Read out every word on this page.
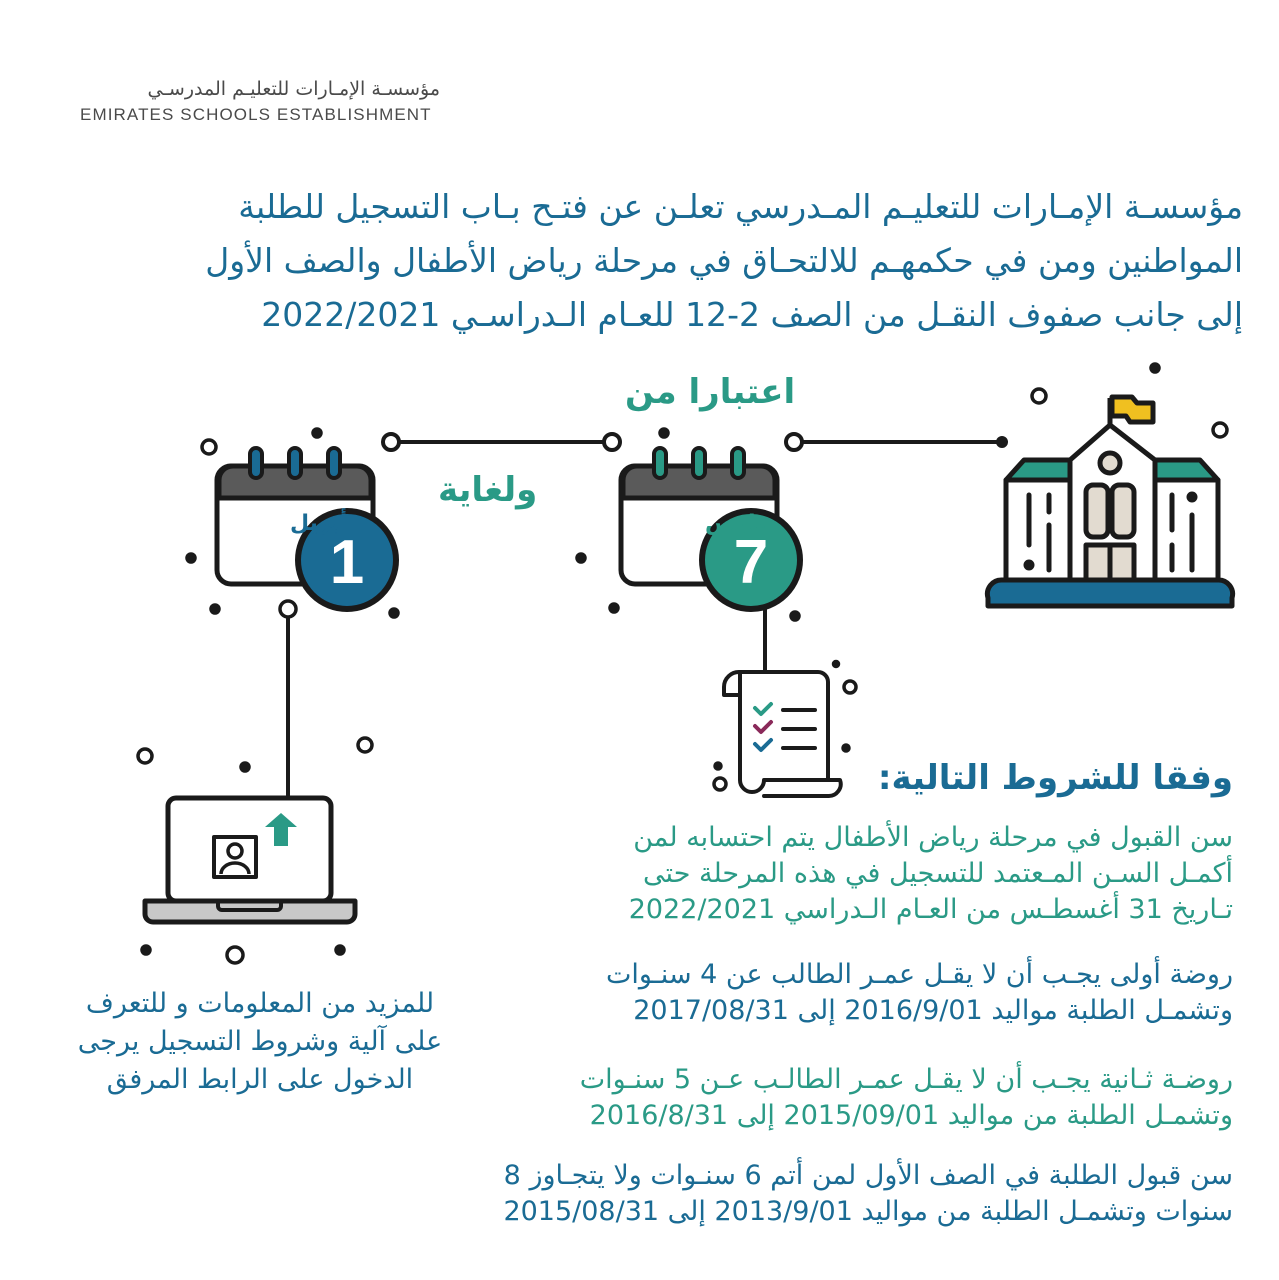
مؤسسـة الإمـارات للتعليـم المدرسـي
EMIRATES SCHOOLS ESTABLISHMENT
مؤسسـة الإمـارات للتعليـم المـدرسي تعلـن عن فتـح بـاب التسجيل للطلبة
المواطنين ومن في حكمهـم للالتحـاق في مرحلة رياض الأطفال والصف الأول
إلى جانب صفوف النقـل من الصف 2-12 للعـام الـدراسـي 2022/2021
1	7
أبريل	مارس
اعتبارا من
ولغاية
وفقا للشروط التالية:
سن القبول في مرحلة رياض الأطفال يتم احتسابه لمن
أكمـل السـن المـعتمد للتسجيل في هذه المرحلة حتى
تـاريخ 31 أغسطـس من العـام الـدراسي 2022/2021
روضة أولى يجـب أن لا يقـل عمـر الطالب عن 4 سنـوات
وتشمـل الطلبة مواليد 2016/9/01 إلى 2017/08/31
روضـة ثـانية يجـب أن لا يقـل عمـر الطالـب عـن 5 سنـوات
وتشمـل الطلبة من مواليد 2015/09/01 إلى 2016/8/31
سن قبول الطلبة في الصف الأول لمن أتم 6 سنـوات ولا يتجـاوز 8
سنوات وتشمـل الطلبة من مواليد 2013/9/01 إلى 2015/08/31
للمزيد من المعلومات و للتعرف
على آلية وشروط التسجيل يرجى
الدخول على الرابط المرفق
